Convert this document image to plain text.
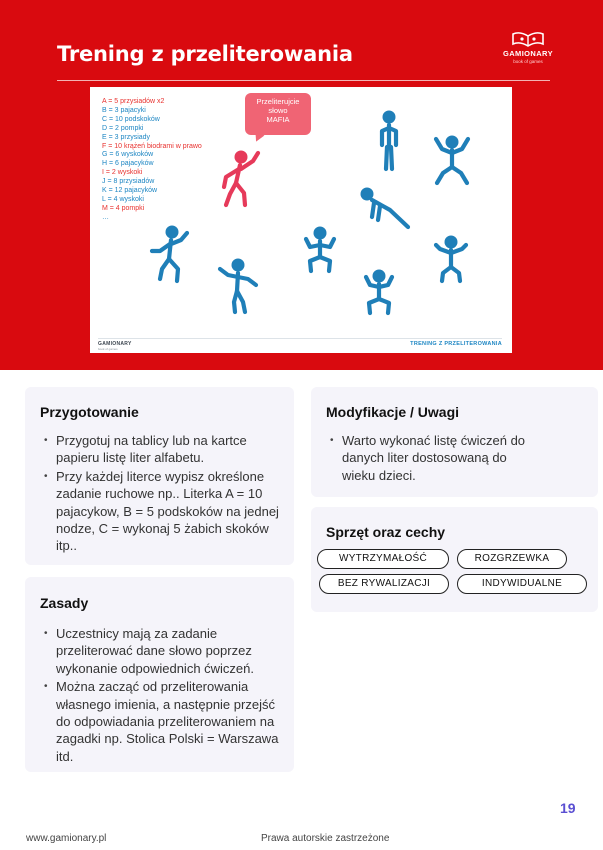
Trening z przeliterowania	GAMIONARY
book of games
A = 5 przysiadów x2
B = 3 pajacyki
C = 10 podskoków
D = 2 pompki
E = 3 przysiady
F = 10 krążeń biodrami w prawo
G = 6 wyskoków
H = 6 pajacyków
I = 2 wyskoki
J = 8 przysiadów
K = 12 pajacyków
L = 4 wyskoki
M = 4 pompki
…
Przeliterujcie
słowo
MAFIA
GAMIONARY
book of games
TRENING Z PRZELITEROWANIA
Przygotowanie
• Przygotuj na tablicy lub na kartce papieru listę liter alfabetu.
• Przy każdej literce wypisz określone zadanie ruchowe np.. Literka A = 10 pajacykow, B = 5 podskoków na jednej nodze, C = wykonaj 5 żabich skoków itp..
Zasady
• Uczestnicy mają za zadanie przeliterować dane słowo poprzez wykonanie odpowiednich ćwiczeń.
• Można zacząć od przeliterowania własnego imienia, a następnie przejść do odpowiadania przeliterowaniem na zagadki np. Stolica Polski = Warszawa itd.
Modyfikacje / Uwagi
• Warto wykonać listę ćwiczeń do danych liter dostosowaną do wieku dzieci.
Sprzęt oraz cechy
WYTRZYMAŁOŚĆ	ROZGRZEWKA
BEZ RYWALIZACJI	INDYWIDUALNE
19
www.gamionary.pl	Prawa autorskie zastrzeżone
